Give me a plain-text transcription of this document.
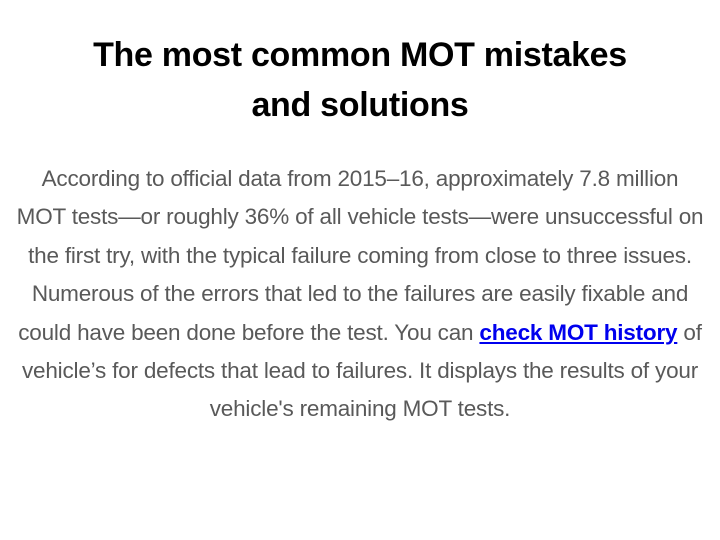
The most common MOT mistakes
and solutions

According to official data from 2015–16, approximately 7.8 million MOT tests—or roughly 36% of all vehicle tests—were unsuccessful on the first try, with the typical failure coming from close to three issues. Numerous of the errors that led to the failures are easily fixable and could have been done before the test. You can check MOT history of vehicle’s for defects that lead to failures. It displays the results of your vehicle's remaining MOT tests.
